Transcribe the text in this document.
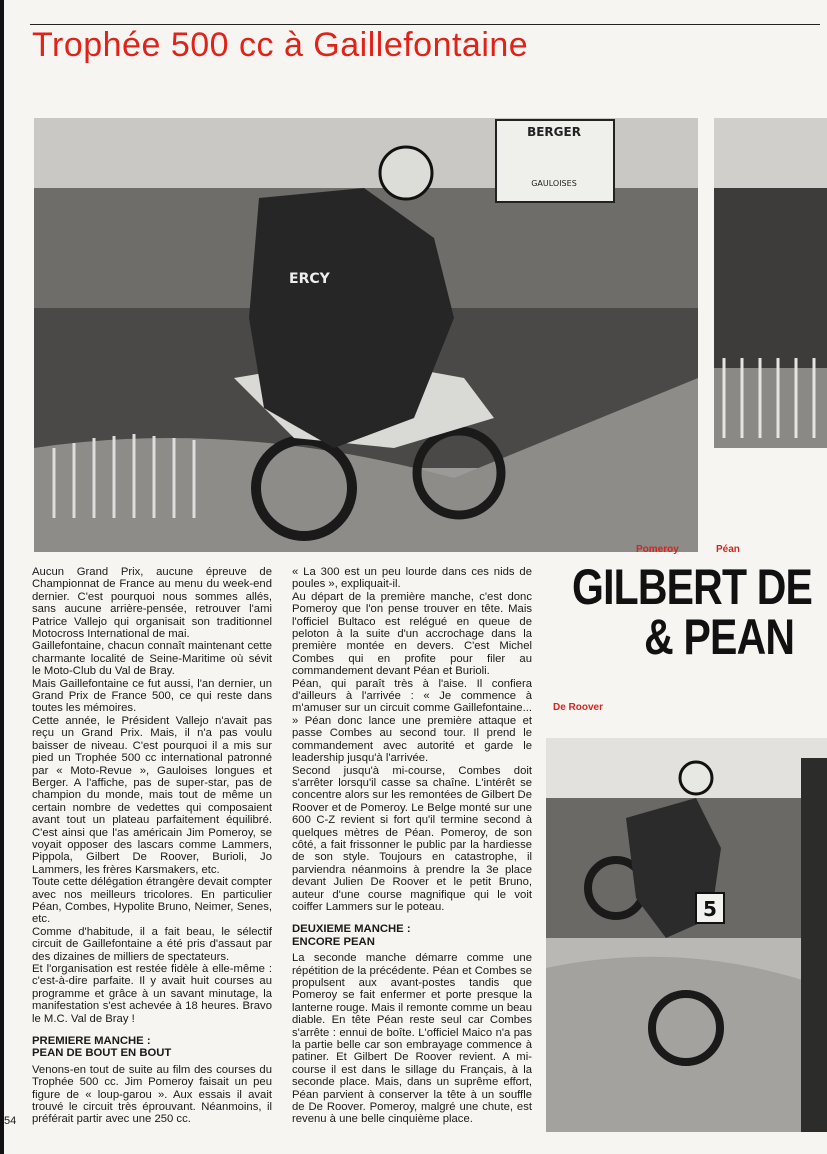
Trophée 500 cc à Gaillefontaine
BERGER
GAULOISES
ERCY
5
Pomeroy	Péan
De Roover
GILBERT DE
& PEAN

Aucun Grand Prix, aucune épreuve de Championnat de France au menu du week-end dernier. C'est pourquoi nous sommes allés, sans aucune arrière-pensée, retrouver l'ami Patrice Vallejo qui organisait son traditionnel Motocross International de mai.

Gaillefontaine, chacun connaît maintenant cette charmante localité de Seine-Maritime où sévit le Moto-Club du Val de Bray.

Mais Gaillefontaine ce fut aussi, l'an dernier, un Grand Prix de France 500, ce qui reste dans toutes les mémoires.

Cette année, le Président Vallejo n'avait pas reçu un Grand Prix. Mais, il n'a pas voulu baisser de niveau. C'est pourquoi il a mis sur pied un Trophée 500 cc international patronné par « Moto-Revue », Gauloises longues et Berger. A l'affiche, pas de super-star, pas de champion du monde, mais tout de même un certain nombre de vedettes qui composaient avant tout un plateau parfaitement équilibré. C'est ainsi que l'as américain Jim Pomeroy, se voyait opposer des lascars comme Lammers, Pippola, Gilbert De Roover, Burioli, Jo Lammers, les frères Karsmakers, etc.

Toute cette délégation étrangère devait compter avec nos meilleurs tricolores. En particulier Péan, Combes, Hypolite Bruno, Neimer, Senes, etc.

Comme d'habitude, il a fait beau, le sélectif circuit de Gaillefontaine a été pris d'assaut par des dizaines de milliers de spectateurs.

Et l'organisation est restée fidèle à elle-même : c'est-à-dire parfaite. Il y avait huit courses au programme et grâce à un savant minutage, la manifestation s'est achevée à 18 heures. Bravo le M.C. Val de Bray !

PREMIERE MANCHE :
PEAN DE BOUT EN BOUT

Venons-en tout de suite au film des courses du Trophée 500 cc. Jim Pomeroy faisait un peu figure de « loup-garou ». Aux essais il avait trouvé le circuit très éprouvant. Néanmoins, il préférait partir avec une 250 cc.

« La 300 est un peu lourde dans ces nids de poules », expliquait-il.

Au départ de la première manche, c'est donc Pomeroy que l'on pense trouver en tête. Mais l'officiel Bultaco est relégué en queue de peloton à la suite d'un accrochage dans la première montée en devers. C'est Michel Combes qui en profite pour filer au commandement devant Péan et Burioli.

Péan, qui paraît très à l'aise. Il confiera d'ailleurs à l'arrivée : « Je commence à m'amuser sur un circuit comme Gaillefontaine... » Péan donc lance une première attaque et passe Combes au second tour. Il prend le commandement avec autorité et garde le leadership jusqu'à l'arrivée.

Second jusqu'à mi-course, Combes doit s'arrêter lorsqu'il casse sa chaîne. L'intérêt se concentre alors sur les remontées de Gilbert De Roover et de Pomeroy. Le Belge monté sur une 600 C-Z revient si fort qu'il termine second à quelques mètres de Péan. Pomeroy, de son côté, a fait frissonner le public par la hardiesse de son style. Toujours en catastrophe, il parviendra néanmoins à prendre la 3e place devant Julien De Roover et le petit Bruno, auteur d'une course magnifique qui le voit coiffer Lammers sur le poteau.

DEUXIEME MANCHE :
ENCORE PEAN

La seconde manche démarre comme une répétition de la précédente. Péan et Combes se propulsent aux avant-postes tandis que Pomeroy se fait enfermer et porte presque la lanterne rouge. Mais il remonte comme un beau diable. En tête Péan reste seul car Combes s'arrête : ennui de boîte. L'officiel Maico n'a pas la partie belle car son embrayage commence à patiner. Et Gilbert De Roover revient. A mi-course il est dans le sillage du Français, à la seconde place. Mais, dans un suprême effort, Péan parvient à conserver la tête à un souffle de De Roover. Pomeroy, malgré une chute, est revenu à une belle cinquième place.

54
